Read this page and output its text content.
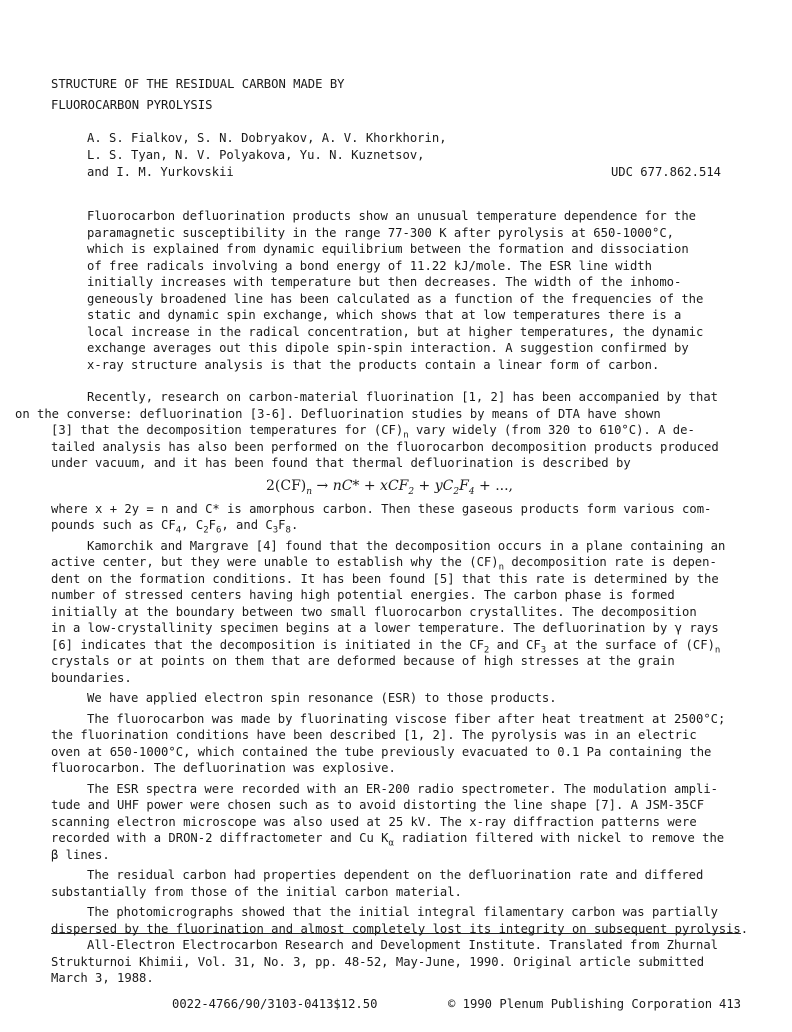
STRUCTURE OF THE RESIDUAL CARBON MADE BY
FLUOROCARBON PYROLYSIS
A. S. Fialkov, S. N. Dobryakov, A. V. Khorkhorin,
L. S. Tyan, N. V. Polyakova, Yu. N. Kuznetsov,
and I. M. Yurkovskii	UDC 677.862.514
Fluorocarbon defluorination products show an unusual temperature dependence for the
paramagnetic susceptibility in the range 77-300 K after pyrolysis at 650-1000°C,
which is explained from dynamic equilibrium between the formation and dissociation
of free radicals involving a bond energy of 11.22 kJ/mole. The ESR line width
initially increases with temperature but then decreases. The width of the inhomo-
geneously broadened line has been calculated as a function of the frequencies of the
static and dynamic spin exchange, which shows that at low temperatures there is a
local increase in the radical concentration, but at higher temperatures, the dynamic
exchange averages out this dipole spin-spin interaction. A suggestion confirmed by
x-ray structure analysis is that the products contain a linear form of carbon.

Recently, research on carbon-material fluorination [1, 2] has been accompanied by that
on the converse: defluorination [3-6]. Defluorination studies by means of DTA have shown
[3] that the decomposition temperatures for $(CF)_n$ vary widely (from 320 to 610°C). A de-
tailed analysis has also been performed on the fluorocarbon decomposition products produced
under vacuum, and it has been found that thermal defluorination is described by

$2(CF)_n \to nC* + xCF_2 + yC_2F_4$ + ...,

where x + 2y = n and C* is amorphous carbon. Then these gaseous products form various com-
pounds such as $CF_4$, $C_2F_6$, and $C_3F_8$.

Kamorchik and Margrave [4] found that the decomposition occurs in a plane containing an
active center, but they were unable to establish why the $(CF)_n$ decomposition rate is depen-
dent on the formation conditions. It has been found [5] that this rate is determined by the
number of stressed centers having high potential energies. The carbon phase is formed
initially at the boundary between two small fluorocarbon crystallites. The decomposition
in a low-crystallinity specimen begins at a lower temperature. The defluorination by γ rays
[6] indicates that the decomposition is initiated in the $CF_2$ and $CF_3$ at the surface of $(CF)_n$
crystals or at points on them that are deformed because of high stresses at the grain
boundaries.

We have applied electron spin resonance (ESR) to those products.

The fluorocarbon was made by fluorinating viscose fiber after heat treatment at 2500°C;
the fluorination conditions have been described [1, 2]. The pyrolysis was in an electric
oven at 650-1000°C, which contained the tube previously evacuated to 0.1 Pa containing the
fluorocarbon. The defluorination was explosive.

The ESR spectra were recorded with an ER-200 radio spectrometer. The modulation ampli-
tude and UHF power were chosen such as to avoid distorting the line shape [7]. A JSM-35CF
scanning electron microscope was also used at 25 kV. The x-ray diffraction patterns were
recorded with a DRON-2 diffractometer and Cu $K_\alpha$ radiation filtered with nickel to remove the
β lines.

The residual carbon had properties dependent on the defluorination rate and differed
substantially from those of the initial carbon material.

The photomicrographs showed that the initial integral filamentary carbon was partially
dispersed by the fluorination and almost completely lost its integrity on subsequent pyrolysis.

All-Electron Electrocarbon Research and Development Institute. Translated from Zhurnal
Strukturnoi Khimii, Vol. 31, No. 3, pp. 48-52, May-June, 1990. Original article submitted
March 3, 1988.
0022-4766/90/3103-0413$12.50	© 1990 Plenum Publishing Corporation 413
